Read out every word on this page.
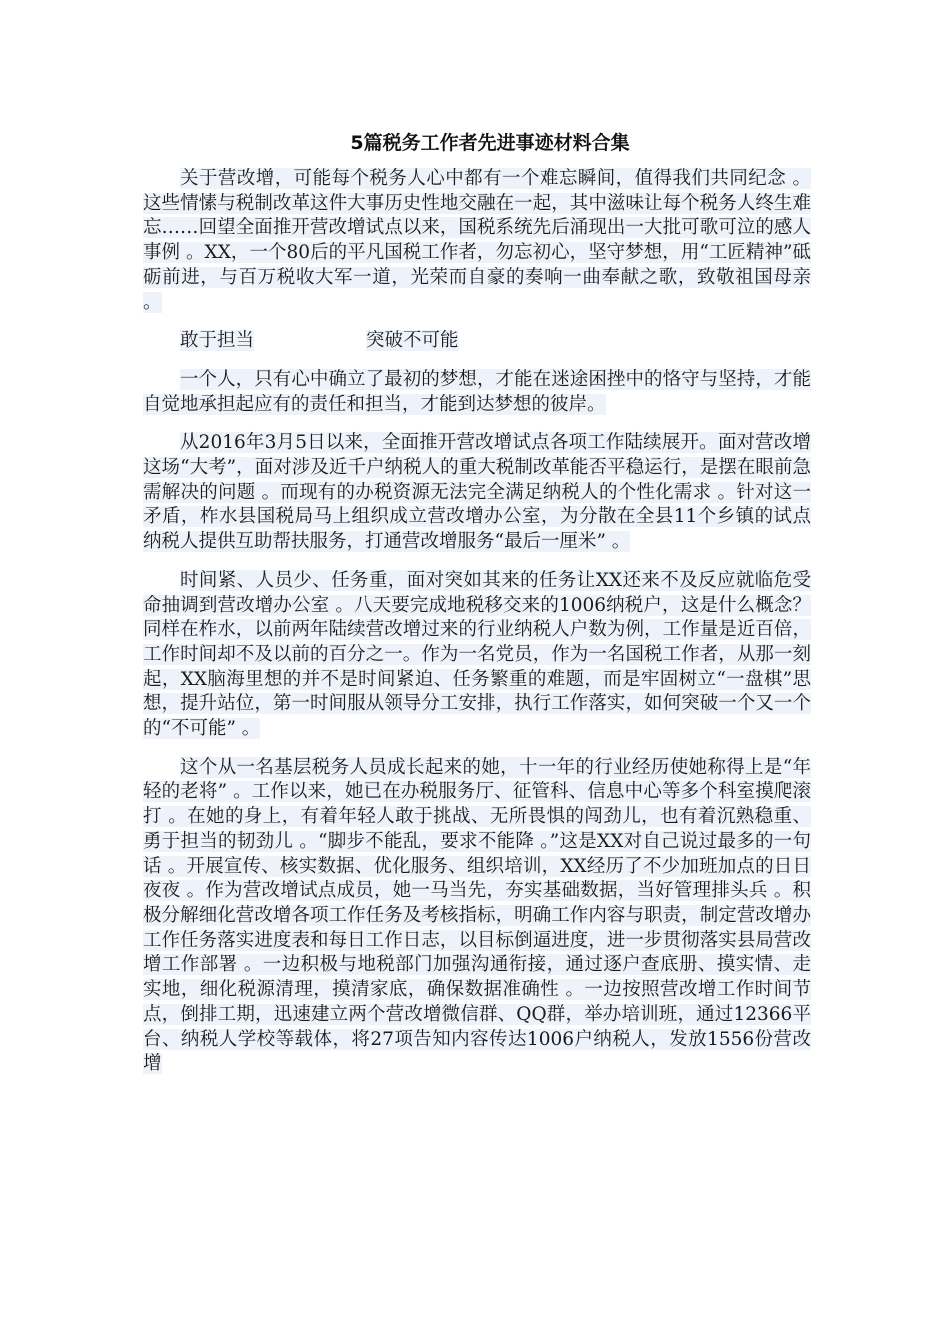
5篇税务工作者先进事迹材料合集

关于营改增，可能每个税务人心中都有一个难忘瞬间，值得我们共同纪念 。这些情愫与税制改革这件大事历史性地交融在一起，其中滋味让每个税务人终生难忘……回望全面推开营改增试点以来，国税系统先后涌现出一大批可歌可泣的感人事例 。XX，一个80后的平凡国税工作者，勿忘初心，坚守梦想，用“工匠精神”砥砺前进，与百万税收大军一道，光荣而自豪的奏响一曲奉献之歌，致敬祖国母亲 。

敢于担当	突破不可能

一个人，只有心中确立了最初的梦想，才能在迷途困挫中的恪守与坚持，才能自觉地承担起应有的责任和担当，才能到达梦想的彼岸。

从2016年3月5日以来，全面推开营改增试点各项工作陆续展开。面对营改增这场“大考”，面对涉及近千户纳税人的重大税制改革能否平稳运行，是摆在眼前急需解决的问题 。而现有的办税资源无法完全满足纳税人的个性化需求 。针对这一矛盾，柞水县国税局马上组织成立营改增办公室，为分散在全县11个乡镇的试点纳税人提供互助帮扶服务，打通营改增服务“最后一厘米” 。

时间紧、人员少、任务重，面对突如其来的任务让XX还来不及反应就临危受命抽调到营改增办公室 。八天要完成地税移交来的1006纳税户，这是什么概念？同样在柞水，以前两年陆续营改增过来的行业纳税人户数为例，工作量是近百倍，工作时间却不及以前的百分之一。作为一名党员，作为一名国税工作者，从那一刻起，XX脑海里想的并不是时间紧迫、任务繁重的难题，而是牢固树立“一盘棋”思想，提升站位，第一时间服从领导分工安排，执行工作落实，如何突破一个又一个的“不可能” 。

这个从一名基层税务人员成长起来的她，十一年的行业经历使她称得上是“年轻的老将” 。工作以来，她已在办税服务厅、征管科、信息中心等多个科室摸爬滚打 。在她的身上，有着年轻人敢于挑战、无所畏惧的闯劲儿，也有着沉熟稳重、勇于担当的韧劲儿 。“脚步不能乱，要求不能降 。”这是XX对自己说过最多的一句话 。开展宣传、核实数据、优化服务、组织培训，XX经历了不少加班加点的日日夜夜 。作为营改增试点成员，她一马当先，夯实基础数据，当好管理排头兵 。积极分解细化营改增各项工作任务及考核指标，明确工作内容与职责，制定营改增办工作任务落实进度表和每日工作日志，以目标倒逼进度，进一步贯彻落实县局营改增工作部署 。一边积极与地税部门加强沟通衔接，通过逐户查底册、摸实情、走实地，细化税源清理，摸清家底，确保数据准确性 。一边按照营改增工作时间节点，倒排工期，迅速建立两个营改增微信群、QQ群，举办培训班，通过12366平台、纳税人学校等载体，将27项告知内容传达1006户纳税人，发放1556份营改增
